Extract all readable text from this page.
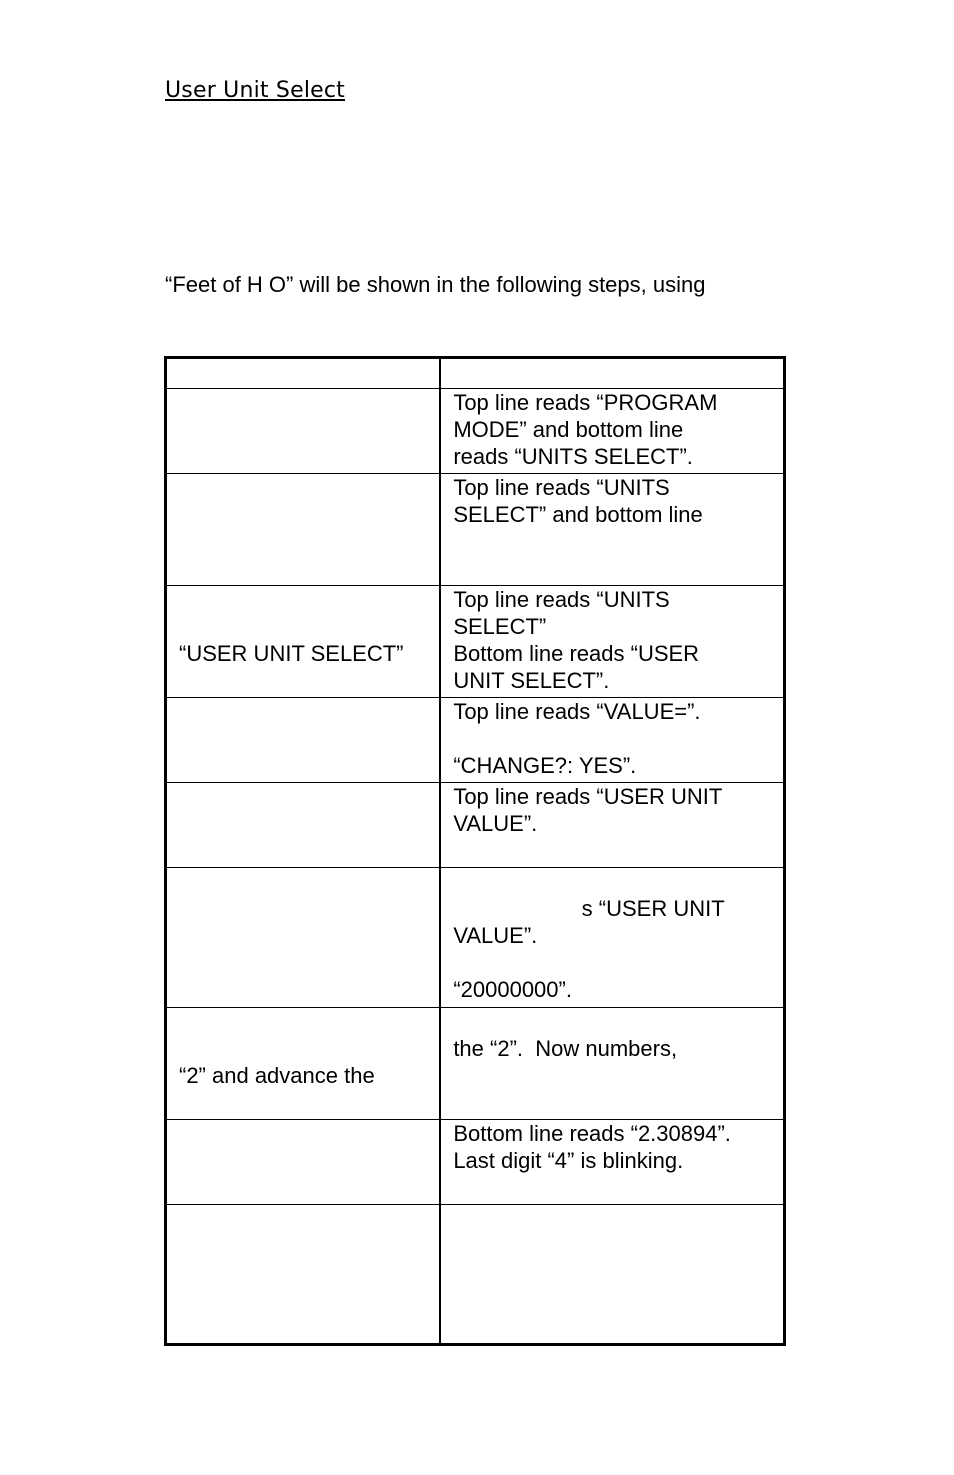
User Unit Select
“Feet of H O” will be shown in the following steps, using

	Top line reads “PROGRAM
MODE” and bottom line
reads “UNITS SELECT”.

	Top line reads “UNITS
SELECT” and bottom line

“USER UNIT SELECT”	Top line reads “UNITS
SELECT”
Bottom line reads “USER
UNIT SELECT”.

	Top line reads “VALUE=”.

“CHANGE?: YES”.

	Top line reads “USER UNIT
VALUE”.

	s “USER UNIT
VALUE”.

“20000000”.

“2” and advance the	the “2”.  Now numbers,

	Bottom line reads “2.30894”.
Last digit “4” is blinking.
